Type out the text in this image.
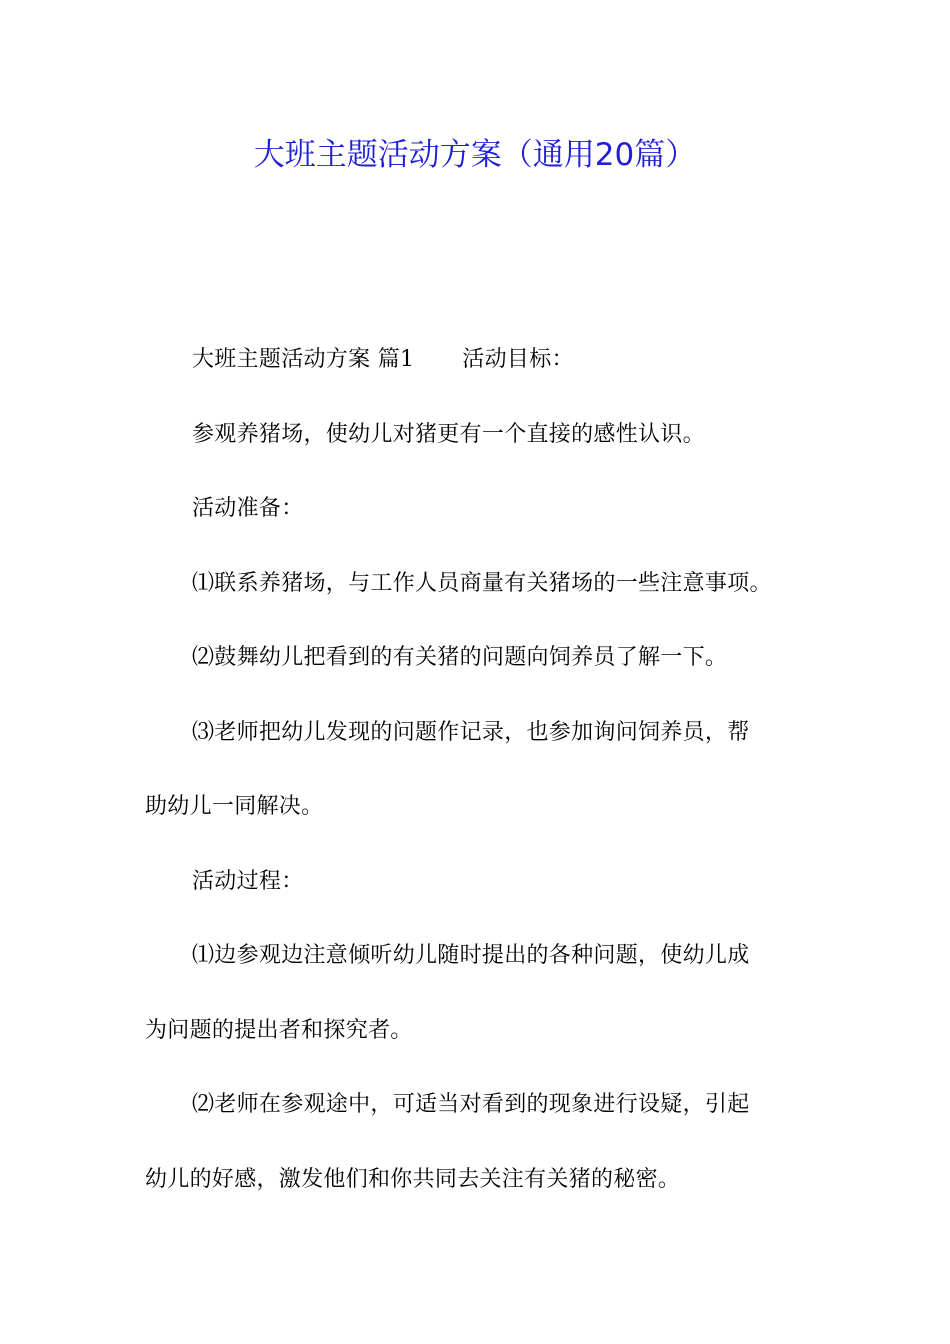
大班主题活动方案（通用20篇）
大班主题活动方案 篇1 活动目标：
参观养猪场，使幼儿对猪更有一个直接的感性认识。
活动准备：
⑴联系养猪场，与工作人员商量有关猪场的一些注意事项。
⑵鼓舞幼儿把看到的有关猪的问题向饲养员了解一下。
⑶老师把幼儿发现的问题作记录，也参加询问饲养员，帮
助幼儿一同解决。
活动过程：
⑴边参观边注意倾听幼儿随时提出的各种问题，使幼儿成
为问题的提出者和探究者。
⑵老师在参观途中，可适当对看到的现象进行设疑，引起
幼儿的好感，激发他们和你共同去关注有关猪的秘密。
